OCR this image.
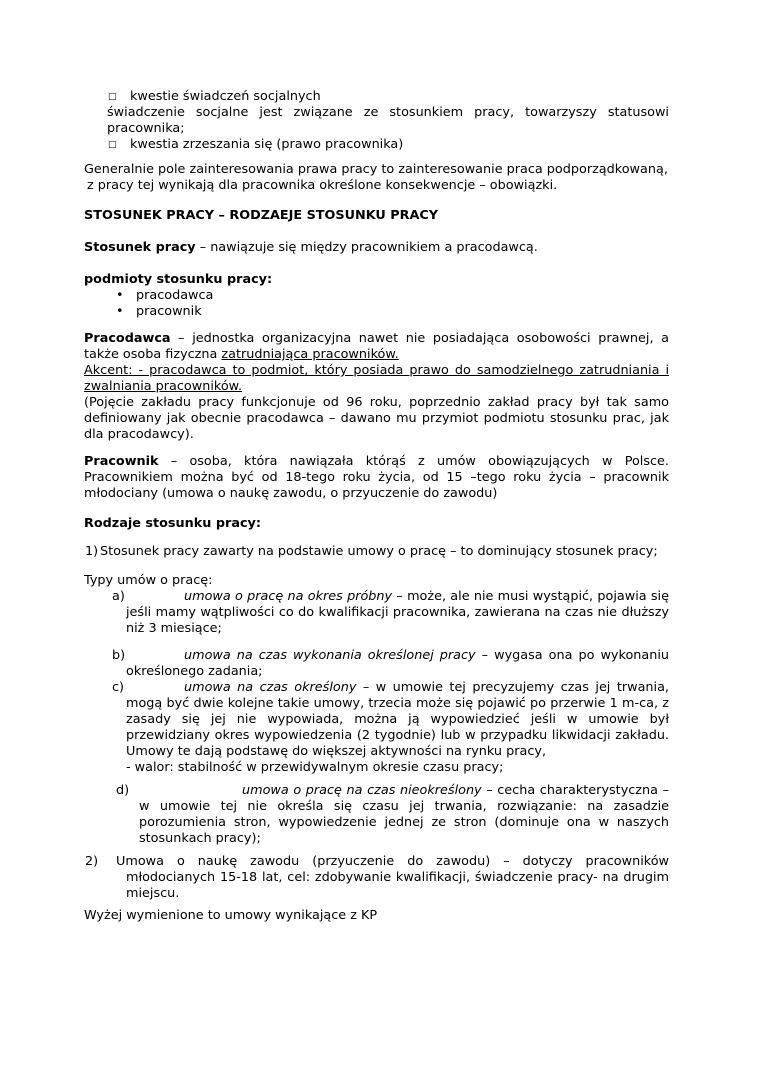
□ kwestie świadczeń socjalnych
świadczenie socjalne jest związane ze stosunkiem pracy, towarzyszy statusowi pracownika;
□ kwestia zrzeszania się (prawo pracownika)

Generalnie pole zainteresowania prawa pracy to zainteresowanie praca podporządkowaną,
z pracy tej wynikają dla pracownika określone konsekwencje – obowiązki.

STOSUNEK PRACY – RODZAEJE STOSUNKU PRACY

Stosunek pracy – nawiązuje się między pracownikiem a pracodawcą.

podmioty stosunku pracy:

• pracodawca
• pracownik

Pracodawca – jednostka organizacyjna nawet nie posiadająca osobowości prawnej, a także osoba fizyczna zatrudniająca pracowników.
Akcent: - pracodawca to podmiot, który posiada prawo do samodzielnego zatrudniania i zwalniania pracowników.
(Pojęcie zakładu pracy funkcjonuje od 96 roku, poprzednio zakład pracy był tak samo definiowany jak obecnie pracodawca – dawano mu przymiot podmiotu stosunku prac, jak dla pracodawcy).

Pracownik – osoba, która nawiązała którąś z umów obowiązujących w Polsce. Pracownikiem można być od 18-tego roku życia, od 15 –tego roku życia – pracownik młodociany (umowa o naukę zawodu, o przyuczenie do zawodu)

Rodzaje stosunku pracy:

1) Stosunek pracy zawarty na podstawie umowy o pracę – to dominujący stosunek pracy;

Typy umów o pracę:

a)	umowa o pracę na okres próbny – może, ale nie musi wystąpić, pojawia się jeśli mamy wątpliwości co do kwalifikacji pracownika, zawierana na czas nie dłuższy niż 3 miesiące;
b)	umowa na czas wykonania określonej pracy – wygasa ona po wykonaniu określonego zadania;
c)	umowa na czas określony – w umowie tej precyzujemy czas jej trwania, mogą być dwie kolejne takie umowy, trzecia może się pojawić po przerwie 1 m-ca, z zasady się jej nie wypowiada, można ją wypowiedzieć jeśli w umowie był przewidziany okres wypowiedzenia (2 tygodnie) lub w przypadku likwidacji zakładu. Umowy te dają podstawę do większej aktywności na rynku pracy,
- walor: stabilność w przewidywalnym okresie czasu pracy;
d)	umowa o pracę na czas nieokreślony – cecha charakterystyczna – w umowie tej nie określa się czasu jej trwania, rozwiązanie: na zasadzie porozumienia stron, wypowiedzenie jednej ze stron (dominuje ona w naszych stosunkach pracy);
2) Umowa o naukę zawodu (przyuczenie do zawodu) – dotyczy pracowników młodocianych 15-18 lat, cel: zdobywanie kwalifikacji, świadczenie pracy- na drugim miejscu.

Wyżej wymienione to umowy wynikające z KP
